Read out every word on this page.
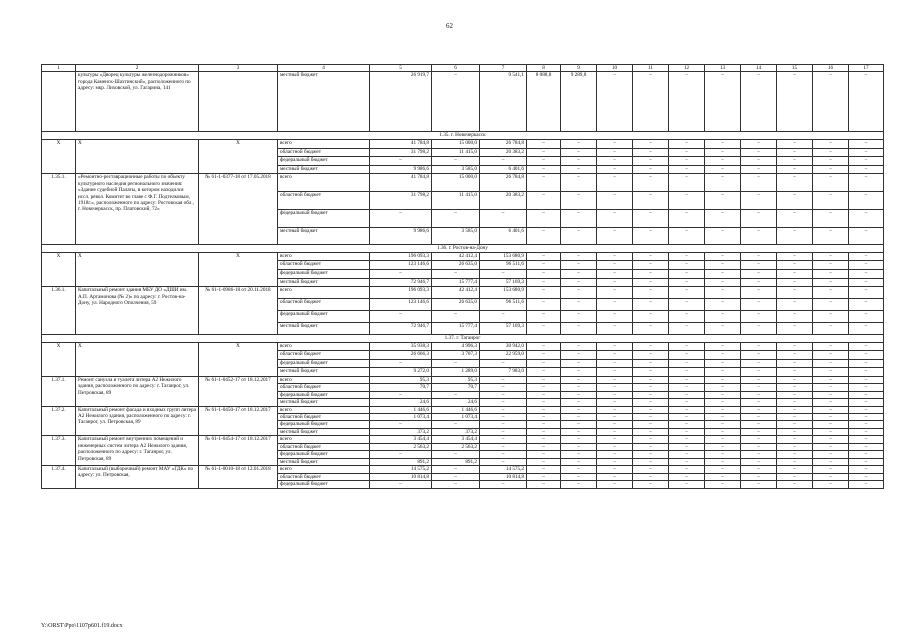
62
1	2	3	4	5	6	7	8	9	10	11	12	13	14	15	16	17
	культуры «Дворец культуры железнодорожников» города Каменск-Шахтинский», расположенного по адресу: мкр. Лиховской, ул. Гагарина, 141		местный бюджет	26 919,7	–	9 541,1	8 088,8	9 289,8	–	–	–	–	–	–	–	–
1.35. г. Новочеркасск																
Х	Х	Х	всего	41 784,8	15 000,0	26 784,8	–	–	–	–	–	–	–	–	–	–
			областной бюджет	31 798,2	11 415,0	20 383,2	–	–	–	–	–	–	–	–	–	–
			федеральный бюджет	–	–	–	–	–	–	–	–	–	–	–	–	–
			местный бюджет	9 986,6	3 585,0	6 401,6	–	–	–	–	–	–	–	–	–	–
1.35.1.	«Ремонтно-реставрационные работы по объекту культурного наследия регионального значения: «Здание судебной Палаты, в котором находился иссл. револ. Комитет во главе с Ф.Г. Подтелковым, 1918г.», расположенного по адресу: Ростовская обл., г. Новочеркасск, пр. Платовский, 72»	№ 61-1-0377-18 от 17.05.2018	всего	41 784,8	15 000,0	26 784,8	–	–	–	–	–	–	–	–	–	–
			областной бюджет	31 798,2	11 415,0	20 383,2	–	–	–	–	–	–	–	–	–	–
			федеральный бюджет	–	–	–	–	–	–	–	–	–	–	–	–	–
			местный бюджет	9 986,6	3 585,0	6 401,6	–	–	–	–	–	–	–	–	–	–
1.36. г. Ростов-на-Дону																
Х	Х	Х	всего	196 093,3	42 412,4	153 680,9	–	–	–	–	–	–	–	–	–	–
			областной бюджет	123 146,6	26 635,0	96 511,6	–	–	–	–	–	–	–	–	–	–
			федеральный бюджет	–	–	–	–	–	–	–	–	–	–	–	–	–
			местный бюджет	72 946,7	15 777,4	57 169,3	–	–	–	–	–	–	–	–	–	–
1.36.1.	Капитальный ремонт здания МБУ ДО «ДШИ им. А.П. Артамонова (№ 2)» по адресу: г. Ростов-на-Дону, ул. Народного Ополчения, 59	№ 61-1-0986-18 от 20.11.2018	всего	196 093,3	42 412,4	153 680,9	–	–	–	–	–	–	–	–	–	–
			областной бюджет	123 146,6	26 635,0	96 511,6	–	–	–	–	–	–	–	–	–	–
			федеральный бюджет	–	–	–	–	–	–	–	–	–	–	–	–	–
			местный бюджет	72 946,7	15 777,4	57 169,3	–	–	–	–	–	–	–	–	–	–
1.37. г. Таганрог																
Х	Х	Х	всего	35 938,3	4 996,3	30 942,0	–	–	–	–	–	–	–	–	–	–
			областной бюджет	26 666,3	3 707,3	22 959,0	–	–	–	–	–	–	–	–	–	–
			федеральный бюджет	–	–	–	–	–	–	–	–	–	–	–	–	–
			местный бюджет	9 272,0	1 289,0	7 983,0	–	–	–	–	–	–	–	–	–	–
1.37.1.	Ремонт санузла и туалета литера А2 Нежилого здания, расположенного по адресу: г. Таганрог, ул. Петровская, 89	№ 61-1-0452-17 от 18.12.2017	всего	95,3	95,3	–	–	–	–	–	–	–	–	–	–	–
			областной бюджет	70,7	70,7	–	–	–	–	–	–	–	–	–	–	–
			федеральный бюджет	–	–	–	–	–	–	–	–	–	–	–	–	–
			местный бюджет	24,6	24,6	–	–	–	–	–	–	–	–	–	–	–
1.37.2.	Капитальный ремонт фасада и входных групп литера А2 Нежилого здания, расположенного по адресу: г. Таганрог, ул. Петровская, 89	№ 61-1-0450-17 от 18.12.2017	всего	1 446,6	1 446,6	–	–	–	–	–	–	–	–	–	–	–
			областной бюджет	1 073,4	1 073,4	–	–	–	–	–	–	–	–	–	–	–
			федеральный бюджет	–	–	–	–	–	–	–	–	–	–	–	–	–
			местный бюджет	373,2	373,2	–	–	–	–	–	–	–	–	–	–	–
1.37.3.	Капитальный ремонт внутренних помещений и инженерных систем литера А2 Нежилого здания, расположенного по адресу: г. Таганрог, ул. Петровская, 89	№ 61-1-0454-17 от 18.12.2017	всего	3 454,4	3 454,4	–	–	–	–	–	–	–	–	–	–	–
			областной бюджет	2 563,2	2 563,2	–	–	–	–	–	–	–	–	–	–	–
			федеральный бюджет	–	–	–	–	–	–	–	–	–	–	–	–	–
			местный бюджет	891,2	891,2	–	–	–	–	–	–	–	–	–	–	–
1.37.4.	Капитальный (выборочный) ремонт МАУ «ГДК» по адресу: ул. Петровская,	№ 61-1-0010-18 от 12.01.2018	всего	14 575,2	–	14 575,2	–	–	–	–	–	–	–	–	–	–
			областной бюджет	10 814,8	–	10 814,8	–	–	–	–	–	–	–	–	–	–
			федеральный бюджет	–	–	–	–	–	–	–	–	–	–	–	–	–
Y:\ORST\Ppo\1107p601.f19.docx
